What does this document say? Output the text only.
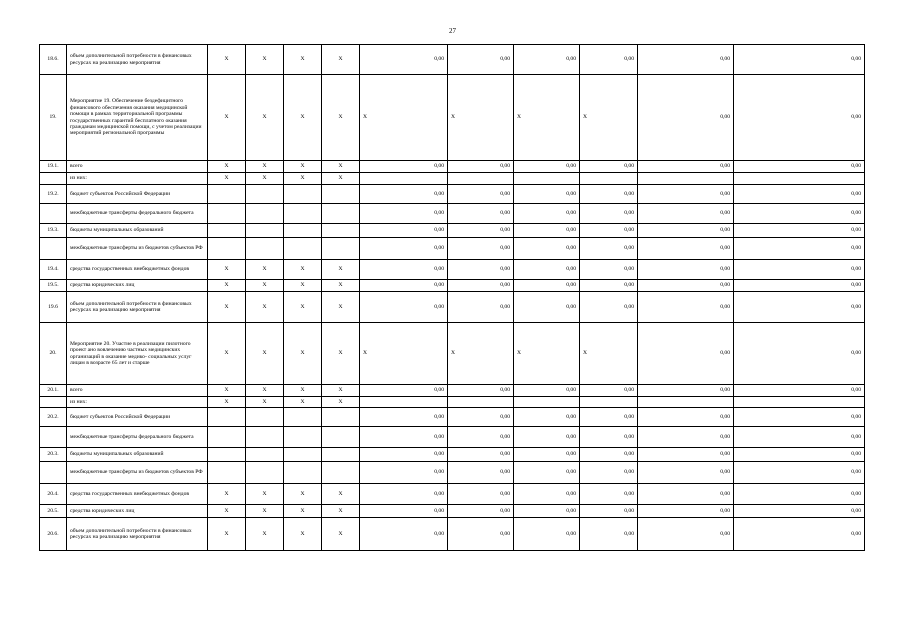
27
18.6.	объем дополнительной потребности в финансовых ресурсах на реализацию мероприятия	Х	Х	Х	Х	0,00	0,00	0,00	0,00	0,00	0,00
19.	Мероприятие 19. Обеспечение бездефицитного финансового обеспечения оказания медицинской помощи в рамках территориальной программы государственных гарантий бесплатного оказания гражданам медицинской помощи, с учетом реализации мероприятий региональной программы	Х	Х	Х	Х	Х	Х	Х	Х	0,00	0,00
19.1.	всего	Х	Х	Х	Х	0,00	0,00	0,00	0,00	0,00	0,00
	из них:	Х	Х	Х	Х						
19.2.	бюджет субъектов Российской Федерации					0,00	0,00	0,00	0,00	0,00	0,00
	межбюджетные трансферты федерального бюджета					0,00	0,00	0,00	0,00	0,00	0,00
19.3.	бюджеты муниципальных образований					0,00	0,00	0,00	0,00	0,00	0,00
	межбюджетные трансферты из бюджетов субъектов РФ					0,00	0,00	0,00	0,00	0,00	0,00
19.4.	средства государственных внебюджетных фондов	Х	Х	Х	Х	0,00	0,00	0,00	0,00	0,00	0,00
19.5.	средства юридических лиц	Х	Х	Х	Х	0,00	0,00	0,00	0,00	0,00	0,00
19.6	объем дополнительной потребности в финансовых ресурсах на реализацию мероприятия	Х	Х	Х	Х	0,00	0,00	0,00	0,00	0,00	0,00
20.	Мероприятие 20. Участие в реализации пилотного проект ано вовлечению частных медицинских организаций в оказание медико- социальных услуг лицам в возрасте 65 лет и старше	Х	Х	Х	Х	Х	Х	Х	Х	0,00	0,00
20.1.	всего	Х	Х	Х	Х	0,00	0,00	0,00	0,00	0,00	0,00
	из них:	Х	Х	Х	Х						
20.2.	бюджет субъектов Российской Федерации					0,00	0,00	0,00	0,00	0,00	0,00
	межбюджетные трансферты федерального бюджета					0,00	0,00	0,00	0,00	0,00	0,00
20.3.	бюджеты муниципальных образований					0,00	0,00	0,00	0,00	0,00	0,00
	межбюджетные трансферты из бюджетов субъектов РФ					0,00	0,00	0,00	0,00	0,00	0,00
20.4.	средства государственных внебюджетных фондов	Х	Х	Х	Х	0,00	0,00	0,00	0,00	0,00	0,00
20.5.	средства юридических лиц	Х	Х	Х	Х	0,00	0,00	0,00	0,00	0,00	0,00
20.6.	объем дополнительной потребности в финансовых ресурсах на реализацию мероприятия	Х	Х	Х	Х	0,00	0,00	0,00	0,00	0,00	0,00
